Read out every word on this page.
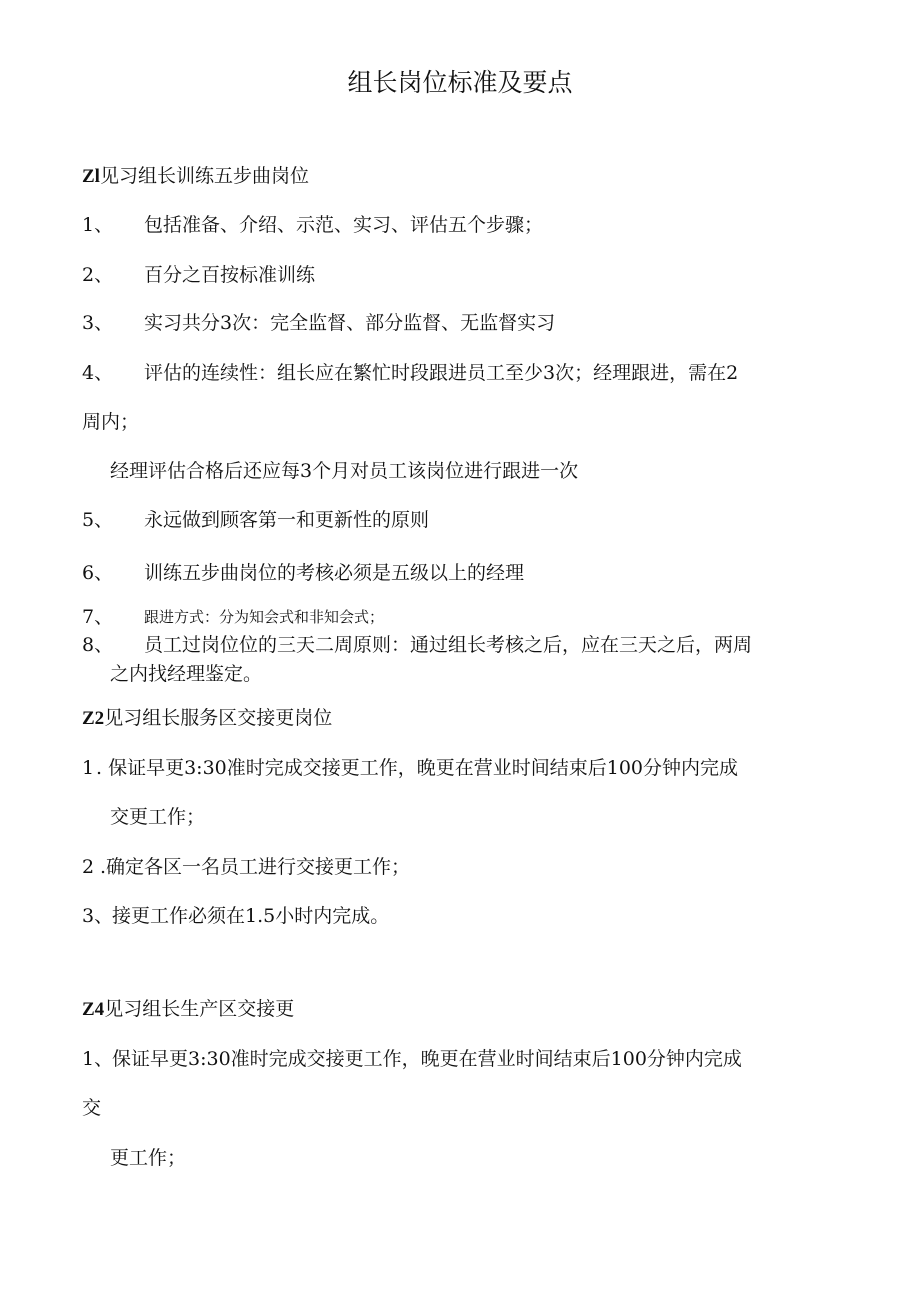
组长岗位标准及要点
Zl见习组长训练五步曲岗位
1、 包括准备、介绍、示范、实习、评估五个步骤；
2、 百分之百按标准训练
3、 实习共分3次：完全监督、部分监督、无监督实习
4、 评估的连续性：组长应在繁忙时段跟进员工至少3次；经理跟进，需在2
周内；
经理评估合格后还应每3个月对员工该岗位进行跟进一次
5、 永远做到顾客第一和更新性的原则
6、 训练五步曲岗位的考核必须是五级以上的经理
7、 跟进方式：分为知会式和非知会式；
8、 员工过岗位位的三天二周原则：通过组长考核之后，应在三天之后，两周
之内找经理鉴定。
Z2见习组长服务区交接更岗位
1 . 保证早更3:30准时完成交接更工作，晚更在营业时间结束后100分钟内完成
交更工作；
2 .确定各区一名员工进行交接更工作；
3、
接更工作必须在1.5小时内完成。
Z4见习组长生产区交接更
1、
保证早更3:30准时完成交接更工作，晚更在营业时间结束后100分钟内完成
交
更工作；
